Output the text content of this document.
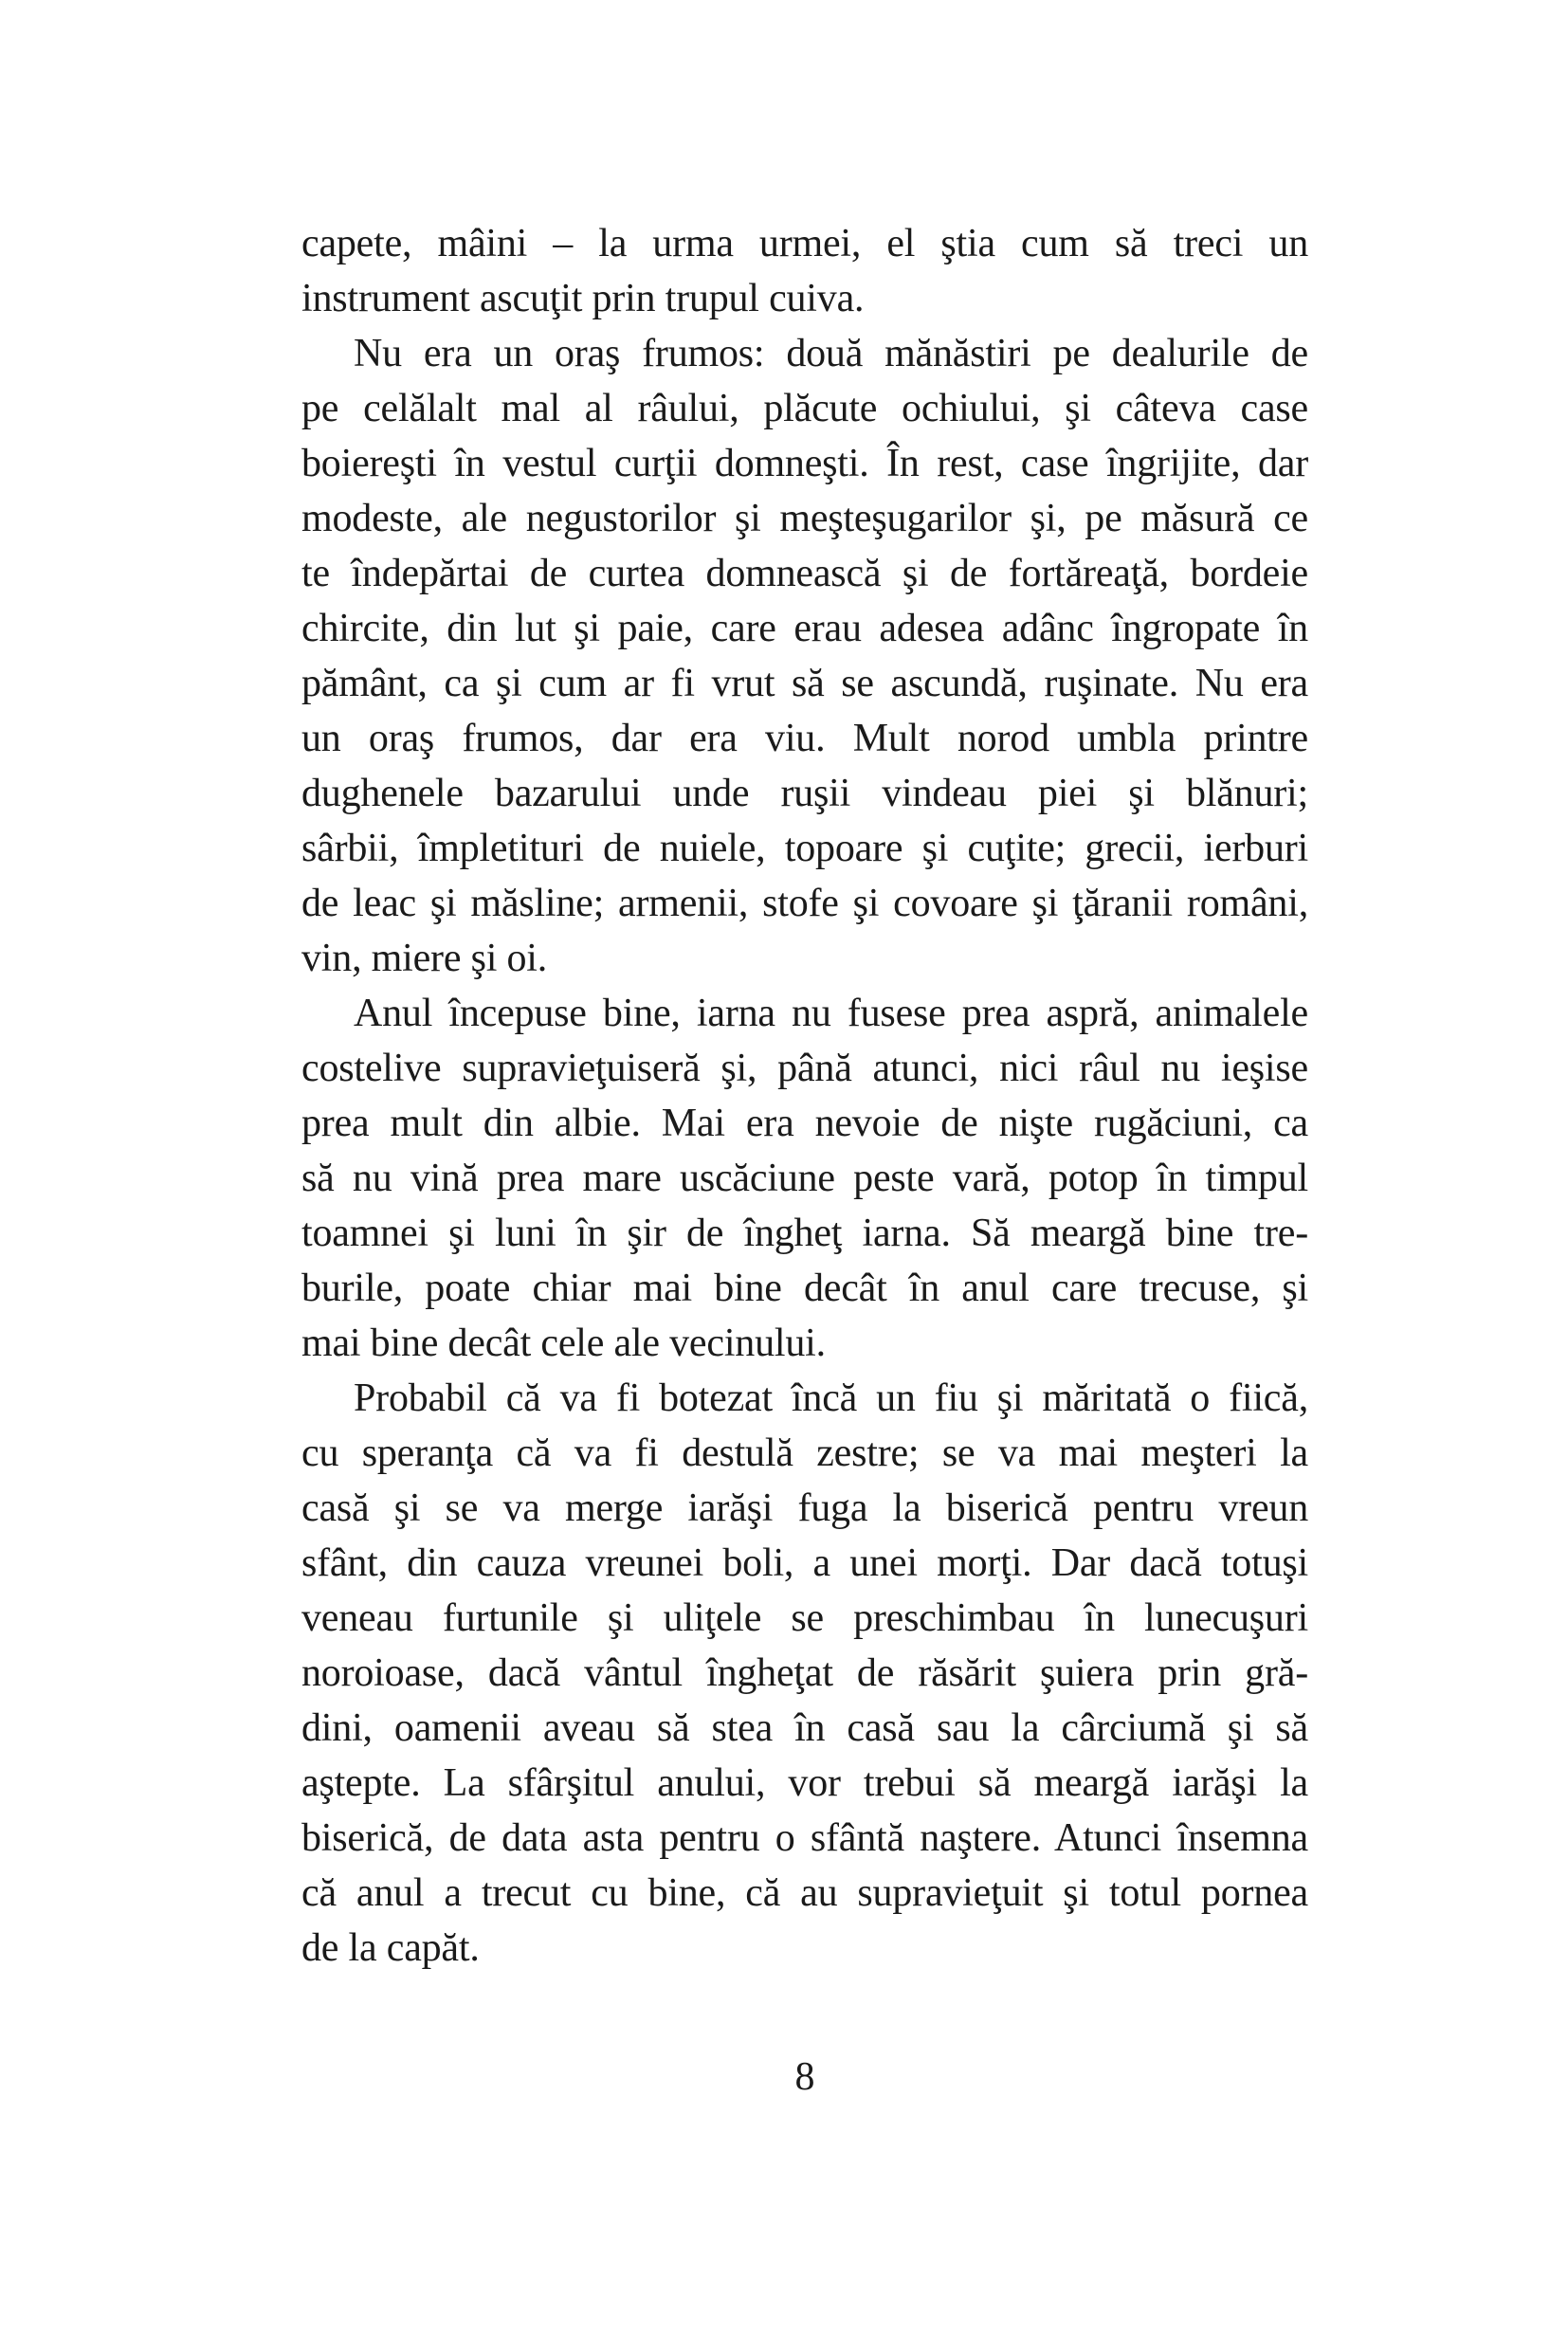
capete, mâini – la urma urmei, el ştia cum să treci un
instrument ascuţit prin trupul cuiva.
Nu era un oraş frumos: două mănăstiri pe dealurile de
pe celălalt mal al râului, plăcute ochiului, şi câteva case
boiereşti în vestul curţii domneşti. În rest, case îngrijite, dar
modeste, ale negustorilor şi meşteşugarilor şi, pe măsură ce
te îndepărtai de curtea domnească şi de fortăreaţă, bordeie
chircite, din lut şi paie, care erau adesea adânc îngropate în
pământ, ca şi cum ar fi vrut să se ascundă, ruşinate. Nu era
un oraş frumos, dar era viu. Mult norod umbla printre
dughenele bazarului unde ruşii vindeau piei şi blănuri;
sârbii, împletituri de nuiele, topoare şi cuţite; grecii, ierburi
de leac şi măsline; armenii, stofe şi covoare şi ţăranii români,
vin, miere şi oi.
Anul începuse bine, iarna nu fusese prea aspră, animalele
costelive supravieţuiseră şi, până atunci, nici râul nu ieşise
prea mult din albie. Mai era nevoie de nişte rugăciuni, ca
să nu vină prea mare uscăciune peste vară, potop în timpul
toamnei şi luni în şir de îngheţ iarna. Să meargă bine tre-
burile, poate chiar mai bine decât în anul care trecuse, şi
mai bine decât cele ale vecinului.
Probabil că va fi botezat încă un fiu şi măritată o fiică,
cu speranţa că va fi destulă zestre; se va mai meşteri la
casă şi se va merge iarăşi fuga la biserică pentru vreun
sfânt, din cauza vreunei boli, a unei morţi. Dar dacă totuşi
veneau furtunile şi uliţele se preschimbau în lunecuşuri
noroioase, dacă vântul îngheţat de răsărit şuiera prin gră-
dini, oamenii aveau să stea în casă sau la cârciumă şi să
aştepte. La sfârşitul anului, vor trebui să meargă iarăşi la
biserică, de data asta pentru o sfântă naştere. Atunci însemna
că anul a trecut cu bine, că au supravieţuit şi totul pornea
de la capăt.
8
